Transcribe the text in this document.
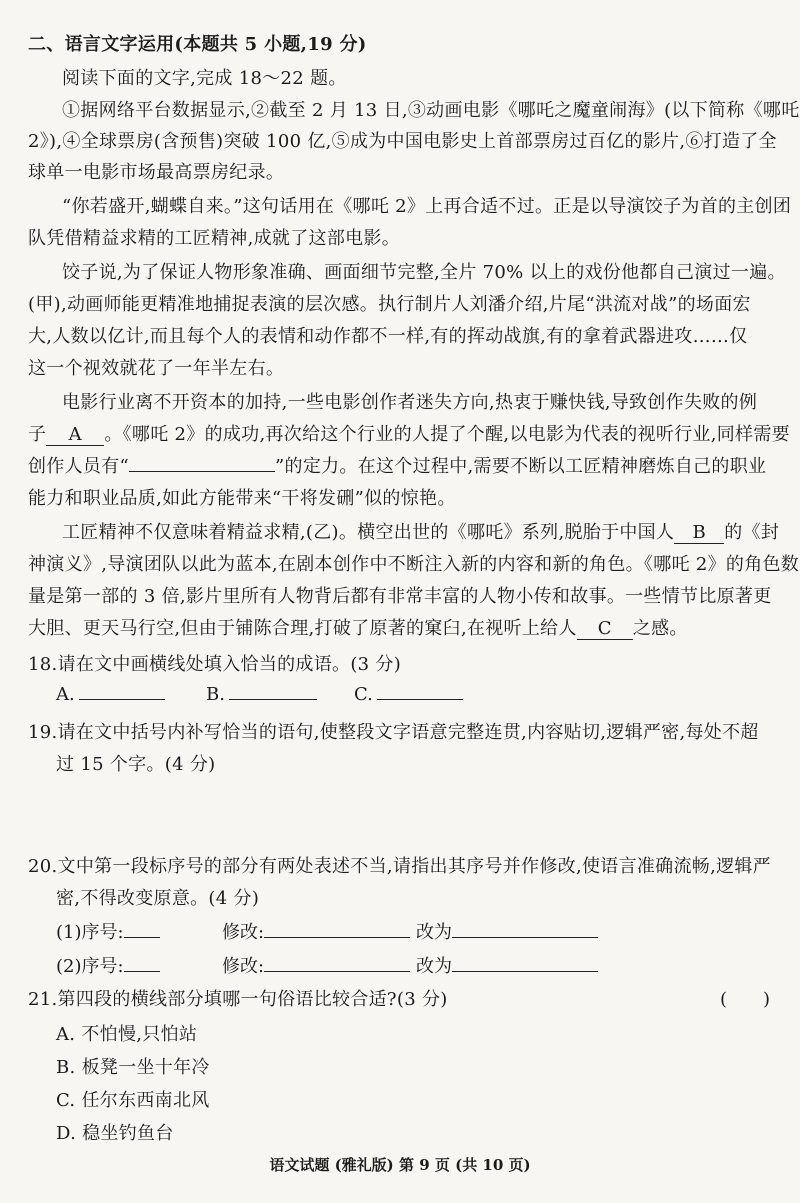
二、语言文字运用(本题共 5 小题,19 分)
阅读下面的文字,完成 18～22 题。
①据网络平台数据显示,②截至 2 月 13 日,③动画电影《哪吒之魔童闹海》(以下简称《哪吒
2》),④全球票房(含预售)突破 100 亿,⑤成为中国电影史上首部票房过百亿的影片,⑥打造了全
球单一电影市场最高票房纪录。
“你若盛开,蝴蝶自来。”这句话用在《哪吒 2》上再合适不过。正是以导演饺子为首的主创团
队凭借精益求精的工匠精神,成就了这部电影。
饺子说,为了保证人物形象准确、画面细节完整,全片 70% 以上的戏份他都自己演过一遍。
(甲),动画师能更精准地捕捉表演的层次感。执行制片人刘潘介绍,片尾“洪流对战”的场面宏
大,人数以亿计,而且每个人的表情和动作都不一样,有的挥动战旗,有的拿着武器进攻……仅
这一个视效就花了一年半左右。
电影行业离不开资本的加持,一些电影创作者迷失方向,热衷于赚快钱,导致创作失败的例
子 A 。《哪吒 2》的成功,再次给这个行业的人提了个醒,以电影为代表的视听行业,同样需要
创作人员有“	”的定力。在这个过程中,需要不断以工匠精神磨炼自己的职业
能力和职业品质,如此方能带来“干将发硎”似的惊艳。
工匠精神不仅意味着精益求精,(乙)。横空出世的《哪吒》系列,脱胎于中国人 B 的《封
神演义》,导演团队以此为蓝本,在剧本创作中不断注入新的内容和新的角色。《哪吒 2》的角色数
量是第一部的 3 倍,影片里所有人物背后都有非常丰富的人物小传和故事。一些情节比原著更
大胆、更天马行空,但由于铺陈合理,打破了原著的窠臼,在视听上给人 C 之感。
18.请在文中画横线处填入恰当的成语。(3 分)
A.	B.	C.
19.请在文中括号内补写恰当的语句,使整段文字语意完整连贯,内容贴切,逻辑严密,每处不超
过 15 个字。(4 分)
20.文中第一段标序号的部分有两处表述不当,请指出其序号并作修改,使语言准确流畅,逻辑严
密,不得改变原意。(4 分)
(1)序号:	修改:	改为
(2)序号:	修改:	改为
21.第四段的横线部分填哪一句俗语比较合适?(3 分)	(　　)
A. 不怕慢,只怕站
B. 板凳一坐十年冷
C. 任尔东西南北风
D. 稳坐钓鱼台
语文试题 (雅礼版) 第 9 页 (共 10 页)
